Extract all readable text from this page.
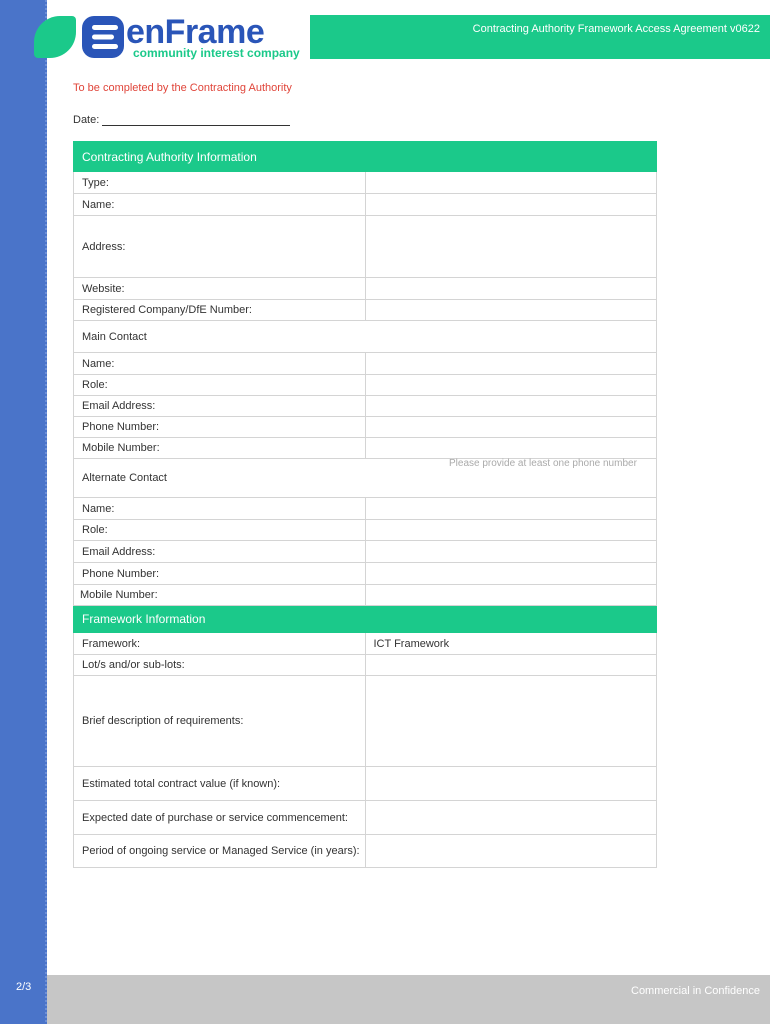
enFrame
community interest company
Contracting Authority Framework Access Agreement v0622
To be completed by the Contracting Authority
Date:
Contracting Authority Information	
Type:	
Name:	
Address:	
Website:	
Registered Company/DfE Number:	
Main Contact	
Name:	
Role:	
Email Address:	
Phone Number:	
Mobile Number:	
Alternate Contact	
Name:	
Role:	
Email Address:	
Phone Number:	
Mobile Number:	
Framework Information	
Framework:	ICT Framework
Lot/s and/or sub-lots:	
Brief description of requirements:	
Estimated total contract value (if known):	
Expected date of purchase or service commencement:	
Period of ongoing service or Managed Service (in years):	
Please provide at least one phone number
2/3	Commercial in Confidence
